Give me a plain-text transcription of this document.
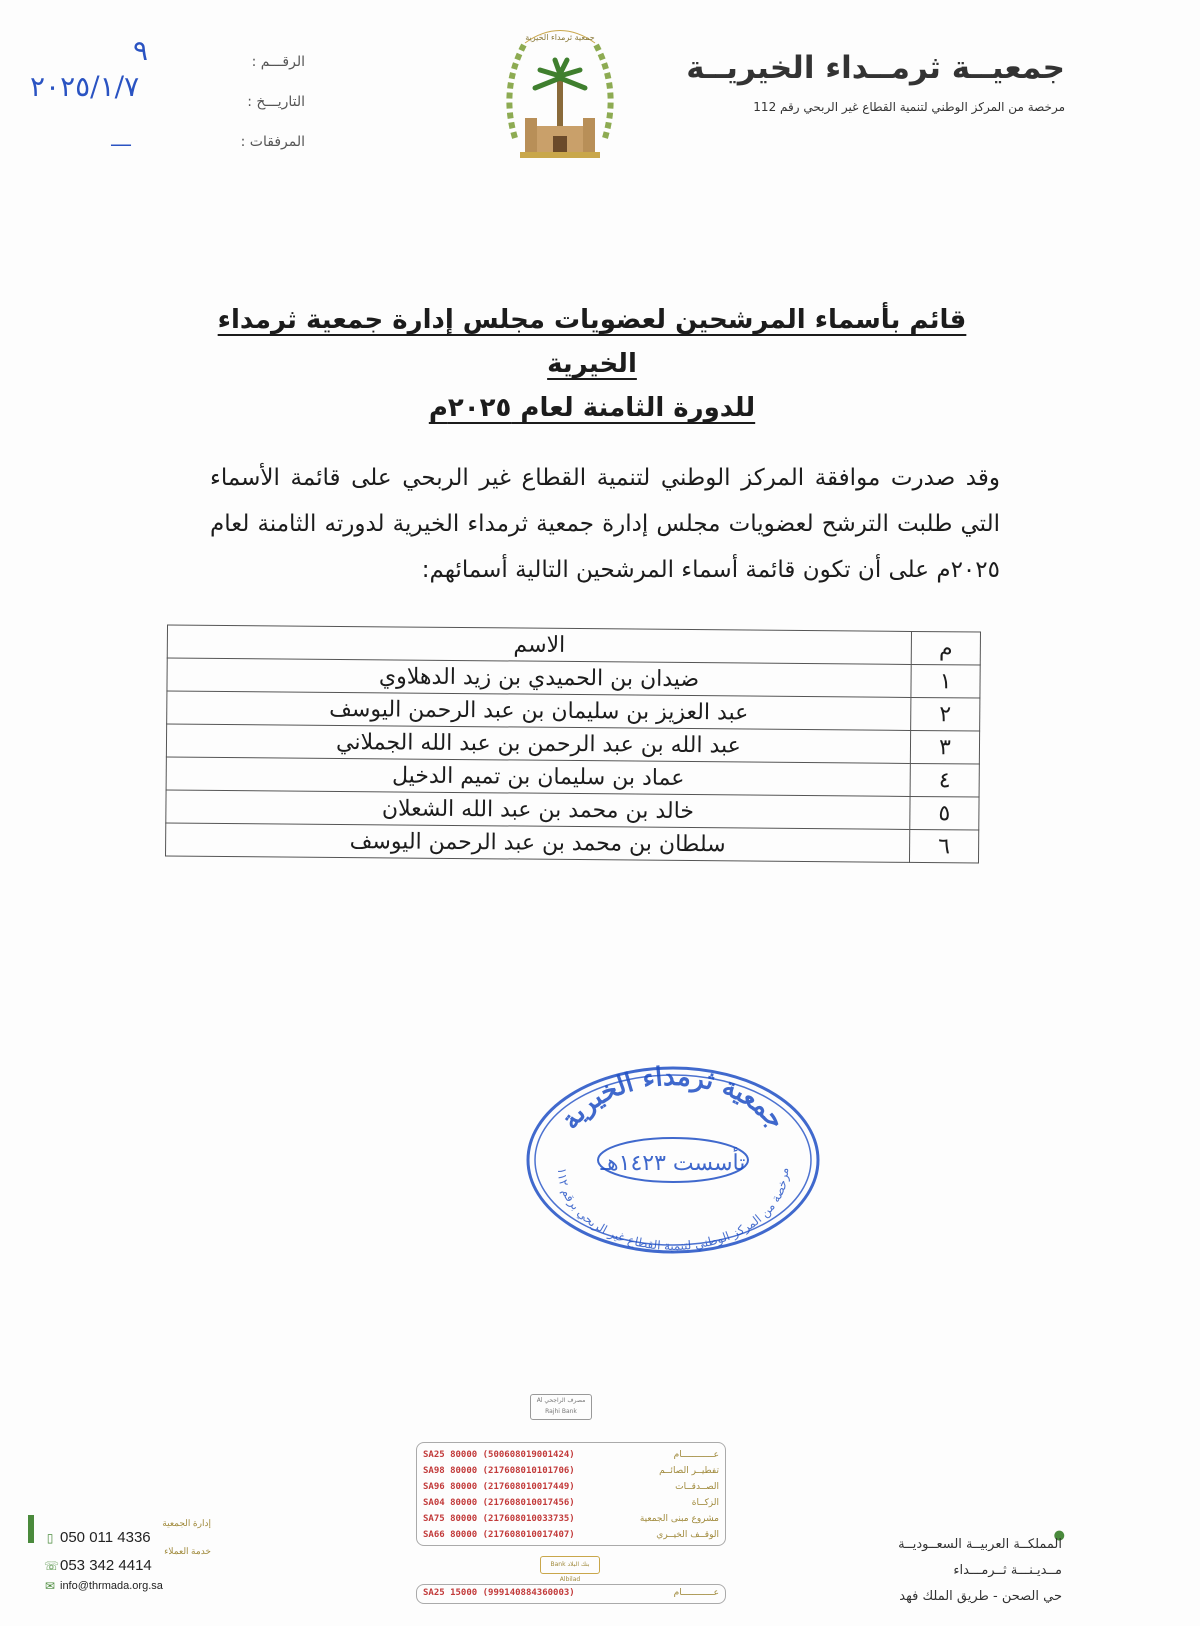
جمعيــة ثرمــداء الخيريــة
مرخصة من المركز الوطني لتنمية القطاع غير الربحي رقم 112
جمعية ثرمداء الخيرية
الرقـــم :
٩
التاريـــخ :
٢٠٢٥/١/٧
المرفقات :
—
قائم بأسماء المرشحين لعضويات مجلس إدارة جمعية ثرمداء الخيرية
للدورة الثامنة لعام ٢٠٢٥م
وقد صدرت موافقة المركز الوطني لتنمية القطاع غير الربحي على قائمة الأسماء التي طلبت الترشح لعضويات مجلس إدارة جمعية ثرمداء الخيرية لدورته الثامنة لعام ٢٠٢٥م على أن تكون قائمة أسماء المرشحين التالية أسمائهم:
م	الاسم
١	ضيدان بن الحميدي بن زيد الدهلاوي
٢	عبد العزيز بن سليمان بن عبد الرحمن اليوسف
٣	عبد الله بن عبد الرحمن بن عبد الله الجملاني
٤	عماد بن سليمان بن تميم الدخيل
٥	خالد بن محمد بن عبد الله الشعلان
٦	سلطان بن محمد بن عبد الرحمن اليوسف
جمعية ثرمداء الخيرية
تأسست ١٤٢٣هـ
مرخصة من المركز الوطني لتنمية القطاع غير الربحي برقم ١١٢
مصرف الراجحي Al Rajhi Bank
عــــــــــــام
SA25 80000 (500608019001424)
تفطيــر الصائــم
SA98 80000 (217608010101706)
الصــدقــات
SA96 80000 (217608010017449)
الزكــاة
SA04 80000 (217608010017456)
مشروع مبنى الجمعية
SA75 80000 (217608010033735)
الوقــف الخيــري
SA66 80000 (217608010017407)
بنك البلاد Bank Albilad
عــــــــــــام
SA25 15000 (999140884360003)
إدارة الجمعية
▯ 050 011 4336
خدمة العملاء
☏ 053 342 4414
✉ info@thrmada.org.sa
●
المملكــة العربيــة السعــوديــة
مــديـنـــة ثــرمـــداء
حي الصحن - طريق الملك فهد
